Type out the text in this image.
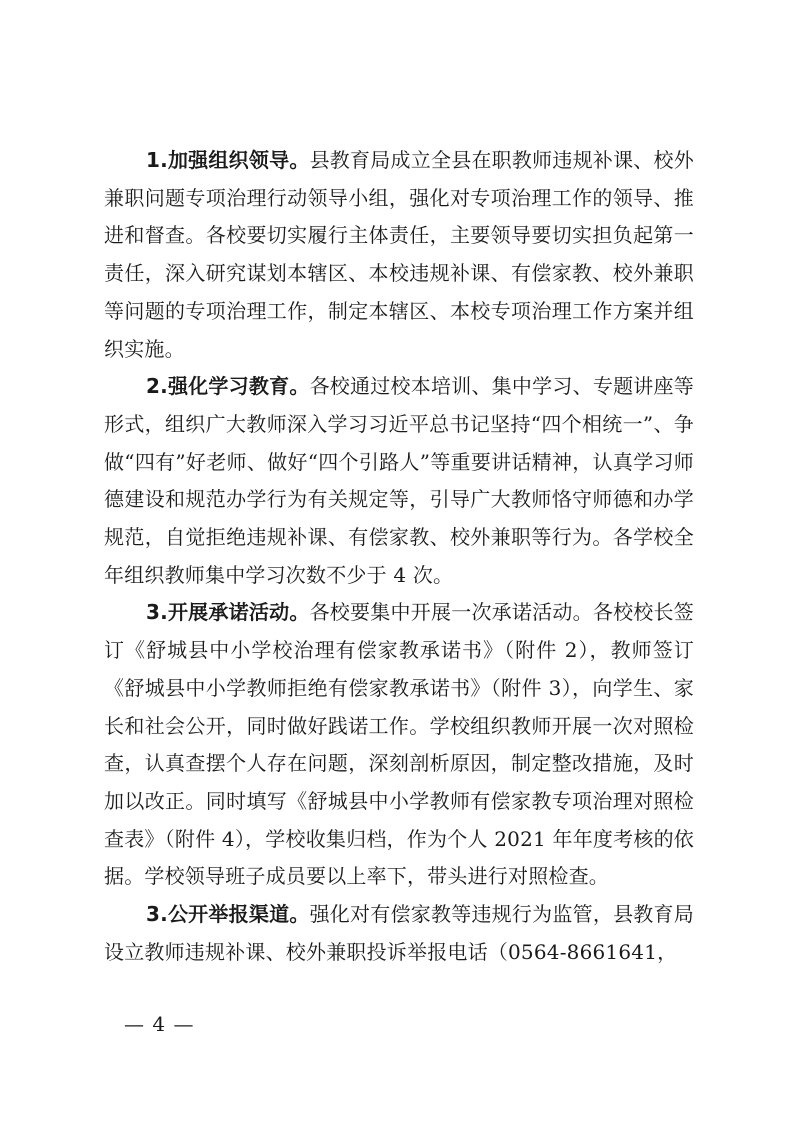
1.加强组织领导。县教育局成立全县在职教师违规补课、校外兼职问题专项治理行动领导小组，强化对专项治理工作的领导、推进和督查。各校要切实履行主体责任，主要领导要切实担负起第一责任，深入研究谋划本辖区、本校违规补课、有偿家教、校外兼职等问题的专项治理工作，制定本辖区、本校专项治理工作方案并组织实施。

2.强化学习教育。各校通过校本培训、集中学习、专题讲座等形式，组织广大教师深入学习习近平总书记坚持“四个相统一”、争做“四有”好老师、做好“四个引路人”等重要讲话精神，认真学习师德建设和规范办学行为有关规定等，引导广大教师恪守师德和办学规范，自觉拒绝违规补课、有偿家教、校外兼职等行为。各学校全年组织教师集中学习次数不少于 4 次。

3.开展承诺活动。各校要集中开展一次承诺活动。各校校长签订《舒城县中小学校治理有偿家教承诺书》（附件 2），教师签订《舒城县中小学教师拒绝有偿家教承诺书》（附件 3），向学生、家长和社会公开，同时做好践诺工作。学校组织教师开展一次对照检查，认真查摆个人存在问题，深刻剖析原因，制定整改措施，及时加以改正。同时填写《舒城县中小学教师有偿家教专项治理对照检查表》（附件 4），学校收集归档，作为个人 2021 年年度考核的依据。学校领导班子成员要以上率下，带头进行对照检查。

3.公开举报渠道。强化对有偿家教等违规行为监管，县教育局设立教师违规补课、校外兼职投诉举报电话（0564-8661641，

— 4 —
